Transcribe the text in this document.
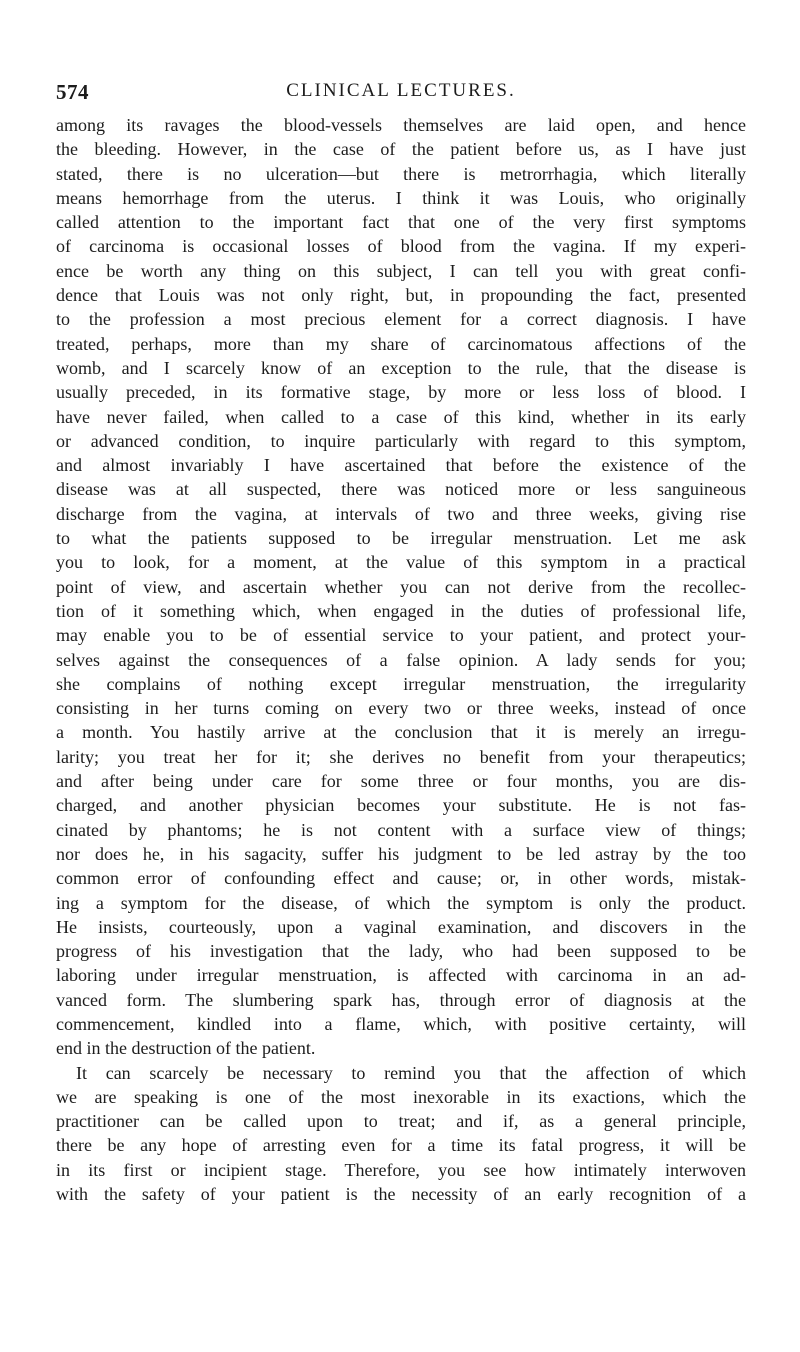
574	CLINICAL LECTURES.
among its ravages the blood-vessels themselves are laid open, and hence
the bleeding. However, in the case of the patient before us, as I have just
stated, there is no ulceration—but there is metrorrhagia, which literally
means hemorrhage from the uterus. I think it was Louis, who originally
called attention to the important fact that one of the very first symptoms
of carcinoma is occasional losses of blood from the vagina. If my experi-
ence be worth any thing on this subject, I can tell you with great confi-
dence that Louis was not only right, but, in propounding the fact, presented
to the profession a most precious element for a correct diagnosis. I have
treated, perhaps, more than my share of carcinomatous affections of the
womb, and I scarcely know of an exception to the rule, that the disease is
usually preceded, in its formative stage, by more or less loss of blood. I
have never failed, when called to a case of this kind, whether in its early
or advanced condition, to inquire particularly with regard to this symptom,
and almost invariably I have ascertained that before the existence of the
disease was at all suspected, there was noticed more or less sanguineous
discharge from the vagina, at intervals of two and three weeks, giving rise
to what the patients supposed to be irregular menstruation. Let me ask
you to look, for a moment, at the value of this symptom in a practical
point of view, and ascertain whether you can not derive from the recollec-
tion of it something which, when engaged in the duties of professional life,
may enable you to be of essential service to your patient, and protect your-
selves against the consequences of a false opinion. A lady sends for you;
she complains of nothing except irregular menstruation, the irregularity
consisting in her turns coming on every two or three weeks, instead of once
a month. You hastily arrive at the conclusion that it is merely an irregu-
larity; you treat her for it; she derives no benefit from your therapeutics;
and after being under care for some three or four months, you are dis-
charged, and another physician becomes your substitute. He is not fas-
cinated by phantoms; he is not content with a surface view of things;
nor does he, in his sagacity, suffer his judgment to be led astray by the too
common error of confounding effect and cause; or, in other words, mistak-
ing a symptom for the disease, of which the symptom is only the product.
He insists, courteously, upon a vaginal examination, and discovers in the
progress of his investigation that the lady, who had been supposed to be
laboring under irregular menstruation, is affected with carcinoma in an ad-
vanced form. The slumbering spark has, through error of diagnosis at the
commencement, kindled into a flame, which, with positive certainty, will
end in the destruction of the patient.
It can scarcely be necessary to remind you that the affection of which
we are speaking is one of the most inexorable in its exactions, which the
practitioner can be called upon to treat; and if, as a general principle,
there be any hope of arresting even for a time its fatal progress, it will be
in its first or incipient stage. Therefore, you see how intimately interwoven
with the safety of your patient is the necessity of an early recognition of a
